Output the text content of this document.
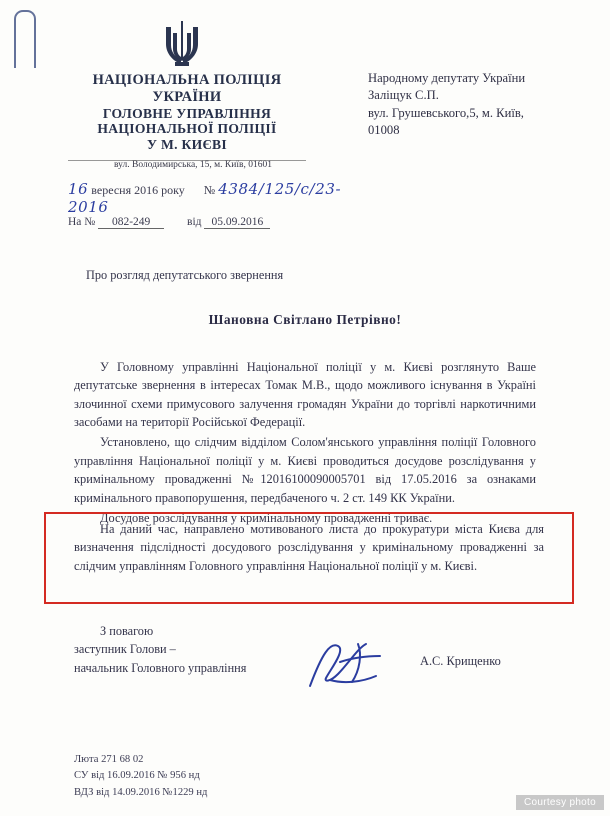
НАЦІОНАЛЬНА ПОЛІЦІЯ
УКРАЇНИ
ГОЛОВНЕ УПРАВЛІННЯ
НАЦІОНАЛЬНОЇ ПОЛІЦІЇ
У М. КИЄВІ
вул. Володимирська, 15, м. Київ, 01601
16 вересня 2016 року № 4384/125/с/23-2016
На № 082-249	від 05.09.2016
Народному депутату України
Залiщук С.П.
вул. Грушевського,5, м. Київ,
01008
Про розгляд депутатського звернення
Шановна Світлано Петрівно!

У Головному управлінні Національної поліції у м. Києві розглянуто Ваше депутатське звернення в інтересах Томак М.В., щодо можливого існування в Україні злочинної схеми примусового залучення громадян України до торгівлі наркотичними засобами на території Російської Федерації.

Установлено, що слідчим відділом Солом'янського управління поліції Головного управління Національної поліції у м. Києві проводиться досудове розслідування у кримінальному провадженні №12016100090005701 від 17.05.2016 за ознаками кримінального правопорушення, передбаченого ч. 2 ст. 149 КК України.

Досудове розслідування у кримінальному провадженні триває.

На даний час, направлено мотивованого листа до прокуратури міста Києва для визначення підслідності досудового розслідування у кримінальному провадженні за слідчим управлінням Головного управління Національної поліції у м. Києві.

З повагою
заступник Голови –
начальник Головного управління	А.С. Крищенко
Люта 271 68 02
СУ від 16.09.2016 № 956 нд
ВДЗ від 14.09.2016 №1229 нд
Courtesy photo
